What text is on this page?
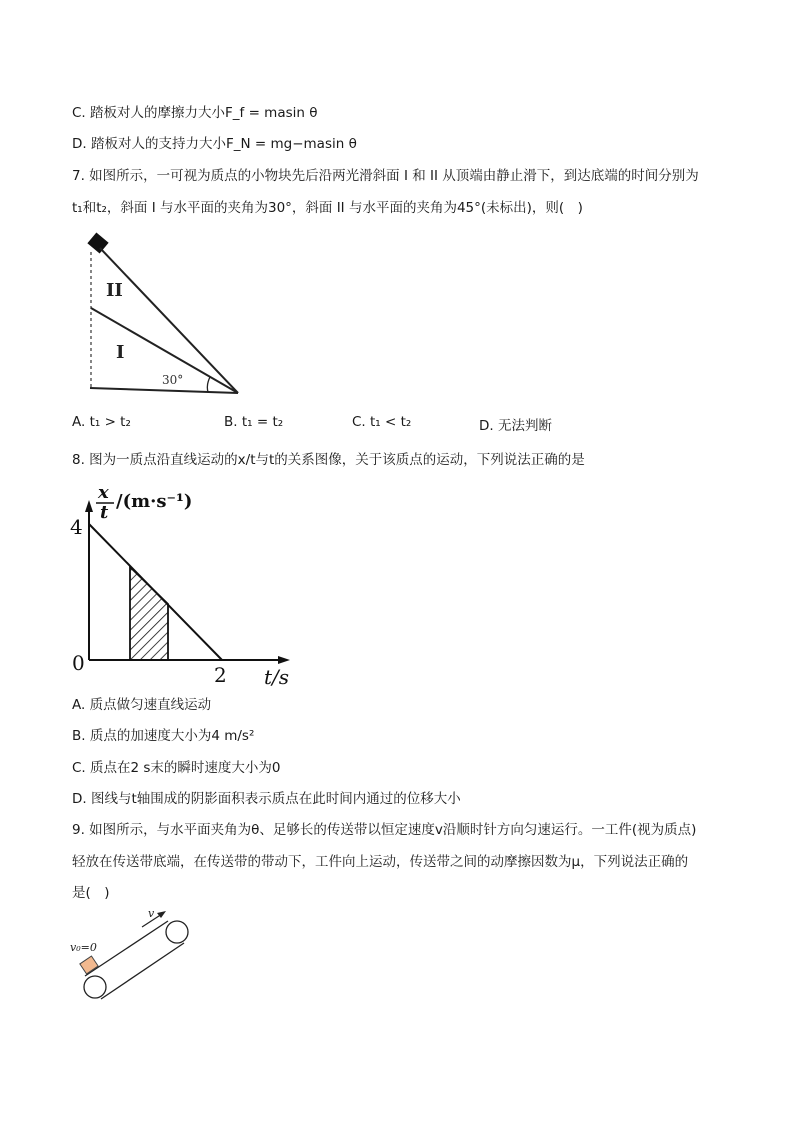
C. 踏板对人的摩擦力大小F_f = masin θ
D. 踏板对人的支持力大小F_N = mg−masin θ
7. 如图所示，一可视为质点的小物块先后沿两光滑斜面 I 和 II 从顶端由静止滑下，到达底端的时间分别为
t₁和t₂，斜面 I 与水平面的夹角为30°，斜面 II 与水平面的夹角为45°(未标出)，则(　)
II
I
30°
A. t₁ > t₂	B. t₁ = t₂	C. t₁ < t₂	D. 无法判断
8. 图为一质点沿直线运动的x/t与t的关系图像，关于该质点的运动，下列说法正确的是
x
t
/(m·s⁻¹)
4
0	2 t/s
A. 质点做匀速直线运动
B. 质点的加速度大小为4 m/s²
C. 质点在2 s末的瞬时速度大小为0
D. 图线与t轴围成的阴影面积表示质点在此时间内通过的位移大小
9. 如图所示，与水平面夹角为θ、足够长的传送带以恒定速度v沿顺时针方向匀速运行。一工件(视为质点)
轻放在传送带底端，在传送带的带动下，工件向上运动，传送带之间的动摩擦因数为μ，下列说法正确的
是(　)
v
v₀=0
